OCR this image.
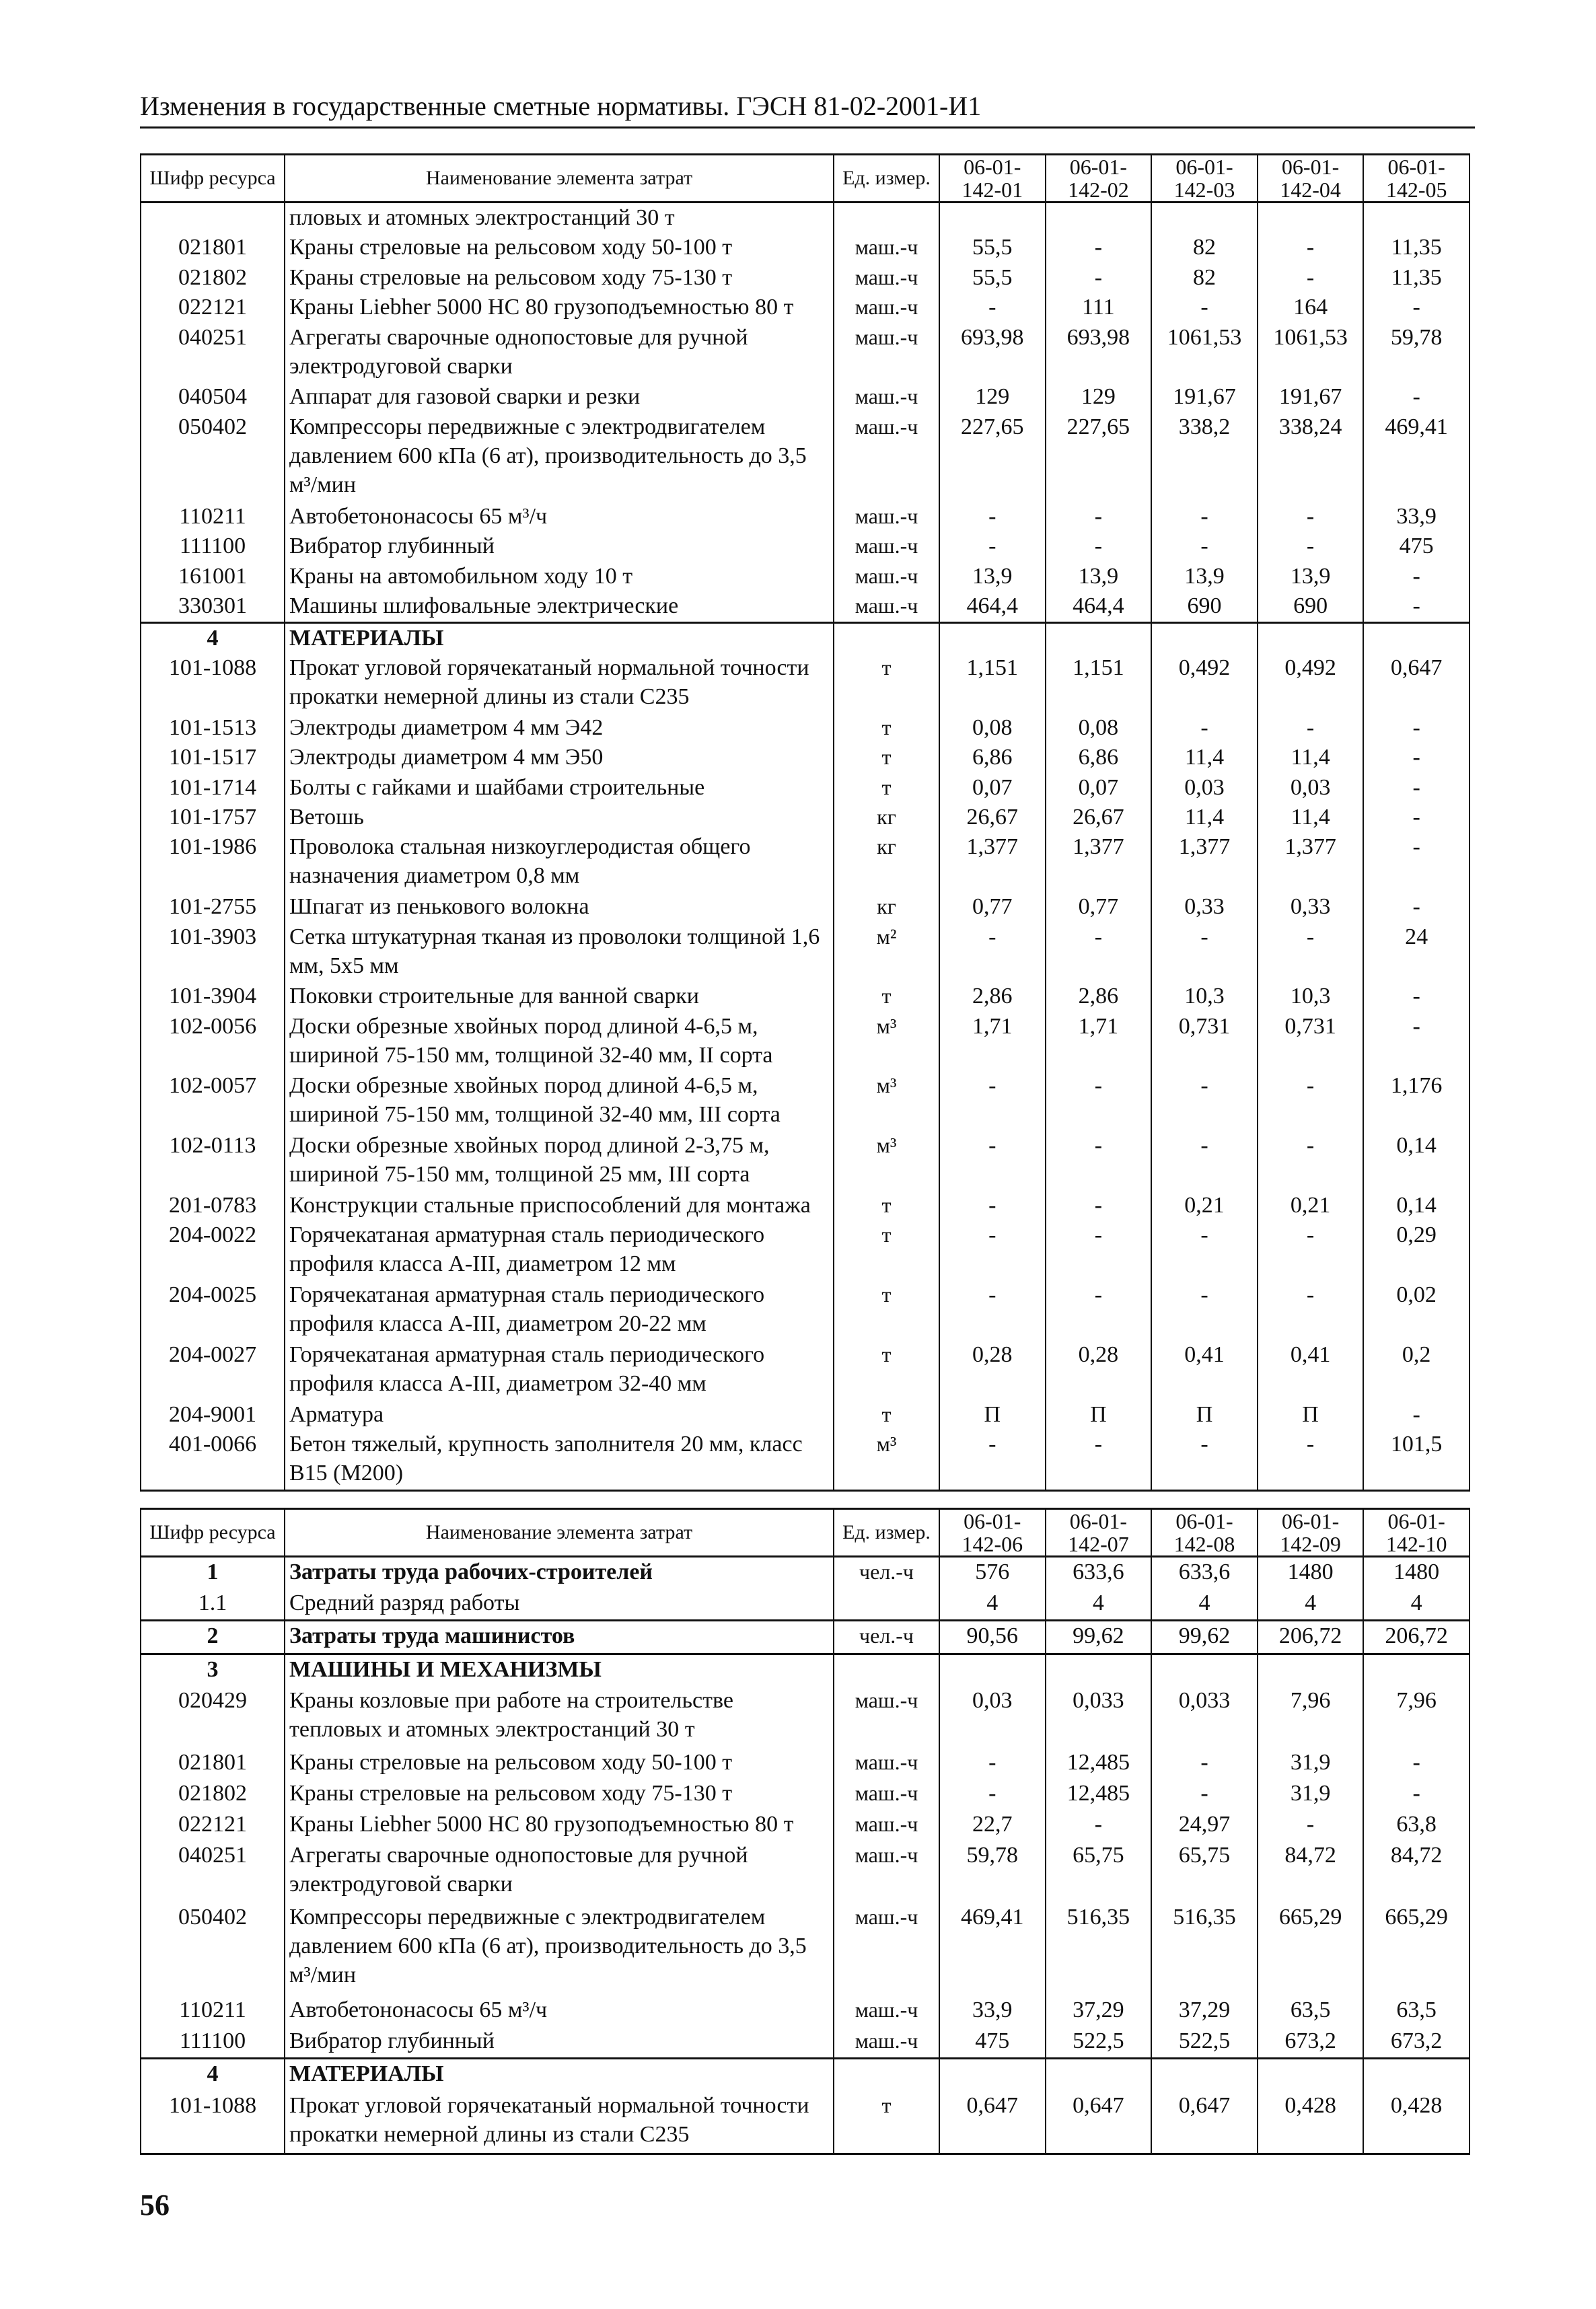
Изменения в государственные сметные нормативы. ГЭСН 81-02-2001-И1
Шифр ресурса	Наименование элемента затрат	Ед. измер.	06-01-142-01	06-01-142-02	06-01-142-03	06-01-142-04	06-01-142-05
	пловых и атомных электростанций 30 т						
021801	Краны стреловые на рельсовом ходу 50-100 т	маш.-ч	55,5	-	82	-	11,35
021802	Краны стреловые на рельсовом ходу 75-130 т	маш.-ч	55,5	-	82	-	11,35
022121	Краны Liebher 5000 HC 80 грузоподъемностью 80 т	маш.-ч	-	111	-	164	-
040251	Агрегаты сварочные однопостовые для ручной электродуговой сварки	маш.-ч	693,98	693,98	1061,53	1061,53	59,78
040504	Аппарат для газовой сварки и резки	маш.-ч	129	129	191,67	191,67	-
050402	Компрессоры передвижные с электродвигателем давлением 600 кПа (6 ат), производительность до 3,5 м³/мин	маш.-ч	227,65	227,65	338,2	338,24	469,41
110211	Автобетононасосы 65 м³/ч	маш.-ч	-	-	-	-	33,9
111100	Вибратор глубинный	маш.-ч	-	-	-	-	475
161001	Краны на автомобильном ходу 10 т	маш.-ч	13,9	13,9	13,9	13,9	-
330301	Машины шлифовальные электрические	маш.-ч	464,4	464,4	690	690	-
4	МАТЕРИАЛЫ						
101-1088	Прокат угловой горячекатаный нормальной точности прокатки немерной длины из стали С235	т	1,151	1,151	0,492	0,492	0,647
101-1513	Электроды диаметром 4 мм Э42	т	0,08	0,08	-	-	-
101-1517	Электроды диаметром 4 мм Э50	т	6,86	6,86	11,4	11,4	-
101-1714	Болты с гайками и шайбами строительные	т	0,07	0,07	0,03	0,03	-
101-1757	Ветошь	кг	26,67	26,67	11,4	11,4	-
101-1986	Проволока стальная низкоуглеродистая общего назначения диаметром 0,8 мм	кг	1,377	1,377	1,377	1,377	-
101-2755	Шпагат из пенькового волокна	кг	0,77	0,77	0,33	0,33	-
101-3903	Сетка штукатурная тканая из проволоки толщиной 1,6 мм, 5х5 мм	м²	-	-	-	-	24
101-3904	Поковки строительные для ванной сварки	т	2,86	2,86	10,3	10,3	-
102-0056	Доски обрезные хвойных пород длиной 4-6,5 м, шириной 75-150 мм, толщиной 32-40 мм, II сорта	м³	1,71	1,71	0,731	0,731	-
102-0057	Доски обрезные хвойных пород длиной 4-6,5 м, шириной 75-150 мм, толщиной 32-40 мм, III сорта	м³	-	-	-	-	1,176
102-0113	Доски обрезные хвойных пород длиной 2-3,75 м, шириной 75-150 мм, толщиной 25 мм, III сорта	м³	-	-	-	-	0,14
201-0783	Конструкции стальные приспособлений для монтажа	т	-	-	0,21	0,21	0,14
204-0022	Горячекатаная арматурная сталь периодического профиля класса А-III, диаметром 12 мм	т	-	-	-	-	0,29
204-0025	Горячекатаная арматурная сталь периодического профиля класса А-III, диаметром 20-22 мм	т	-	-	-	-	0,02
204-0027	Горячекатаная арматурная сталь периодического профиля класса А-III, диаметром 32-40 мм	т	0,28	0,28	0,41	0,41	0,2
204-9001	Арматура	т	П	П	П	П	-
401-0066	Бетон тяжелый, крупность заполнителя 20 мм, класс В15 (М200)	м³	-	-	-	-	101,5
Шифр ресурса	Наименование элемента затрат	Ед. измер.	06-01-142-06	06-01-142-07	06-01-142-08	06-01-142-09	06-01-142-10
1	Затраты труда рабочих-строителей	чел.-ч	576	633,6	633,6	1480	1480
1.1	Средний разряд работы		4	4	4	4	4
2	Затраты труда машинистов	чел.-ч	90,56	99,62	99,62	206,72	206,72
3	МАШИНЫ И МЕХАНИЗМЫ						
020429	Краны козловые при работе на строительстве тепловых и атомных электростанций 30 т	маш.-ч	0,03	0,033	0,033	7,96	7,96
021801	Краны стреловые на рельсовом ходу 50-100 т	маш.-ч	-	12,485	-	31,9	-
021802	Краны стреловые на рельсовом ходу 75-130 т	маш.-ч	-	12,485	-	31,9	-
022121	Краны Liebher 5000 HC 80 грузоподъемностью 80 т	маш.-ч	22,7	-	24,97	-	63,8
040251	Агрегаты сварочные однопостовые для ручной электродуговой сварки	маш.-ч	59,78	65,75	65,75	84,72	84,72
050402	Компрессоры передвижные с электродвигателем давлением 600 кПа (6 ат), производительность до 3,5 м³/мин	маш.-ч	469,41	516,35	516,35	665,29	665,29
110211	Автобетононасосы 65 м³/ч	маш.-ч	33,9	37,29	37,29	63,5	63,5
111100	Вибратор глубинный	маш.-ч	475	522,5	522,5	673,2	673,2
4	МАТЕРИАЛЫ						
101-1088	Прокат угловой горячекатаный нормальной точности прокатки немерной длины из стали С235	т	0,647	0,647	0,647	0,428	0,428
56
